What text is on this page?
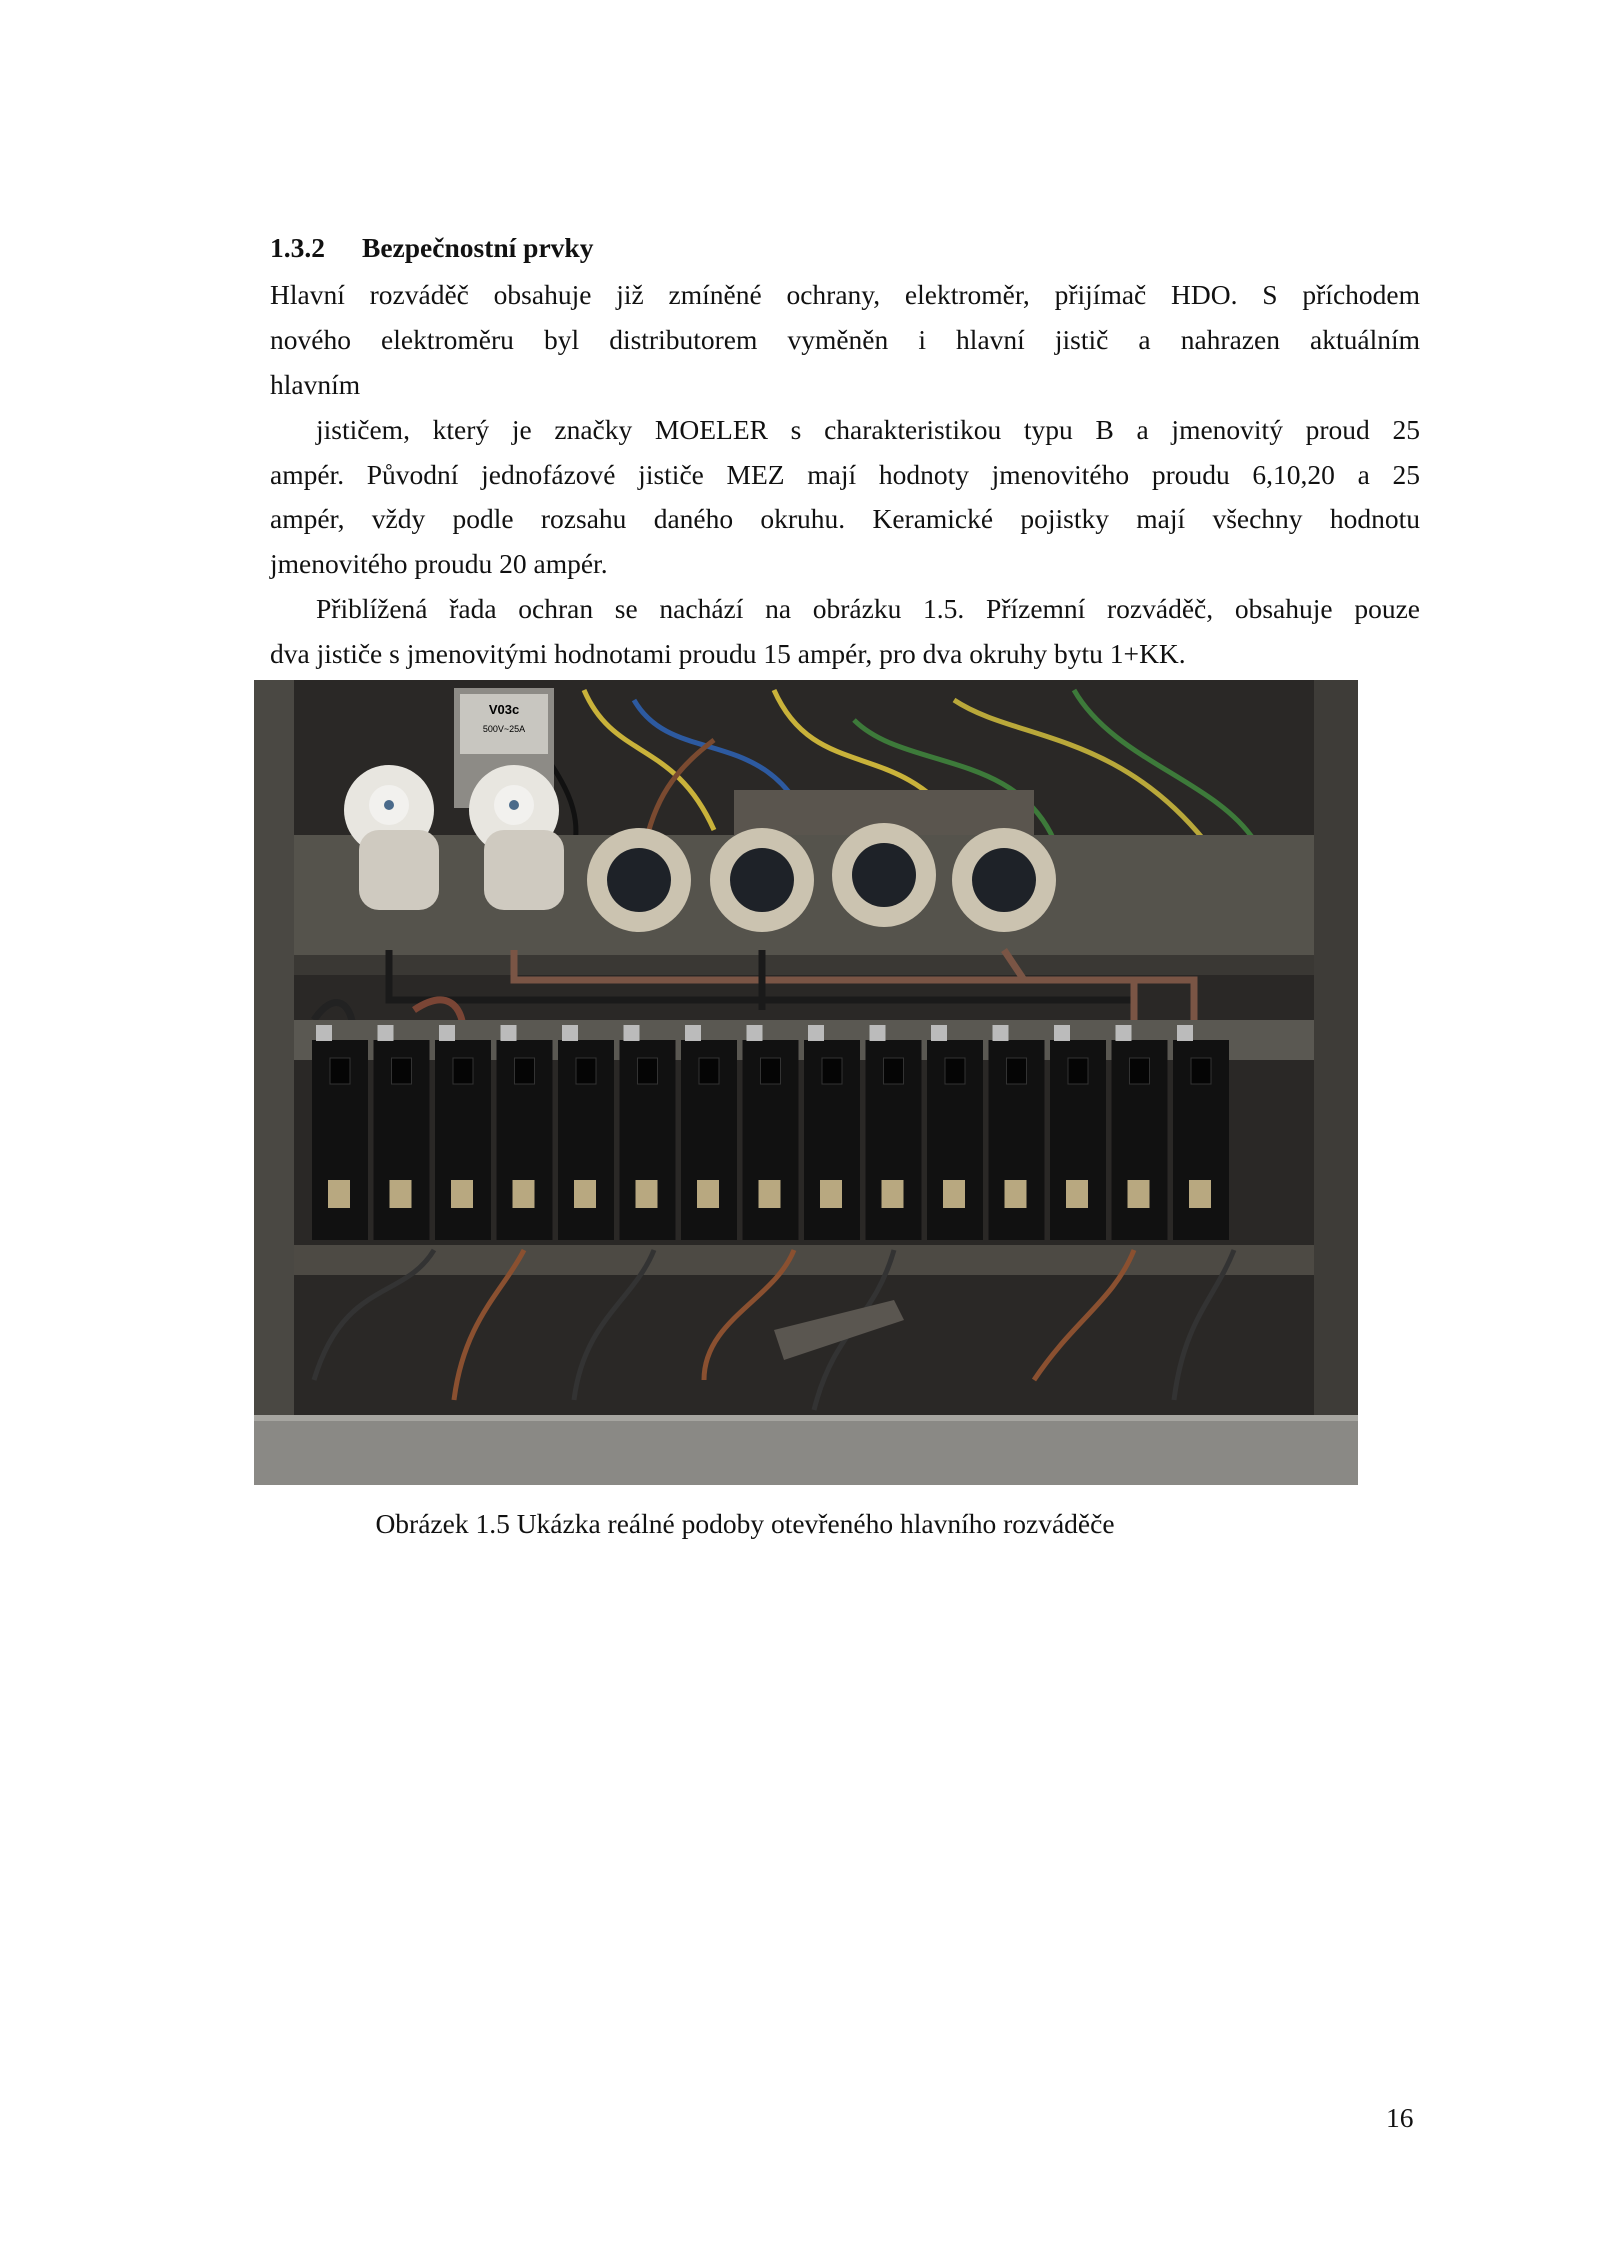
1.3.2 Bezpečnostní prvky
Hlavní rozváděč obsahuje již zmíněné ochrany, elektroměr, přijímač HDO. S příchodem
nového elektroměru byl distributorem vyměněn i hlavní jistič a nahrazen aktuálním
hlavním
jističem, který je značky MOELER s charakteristikou typu B a jmenovitý proud 25
ampér. Původní jednofázové jističe MEZ mají hodnoty jmenovitého proudu 6,10,20 a 25
ampér, vždy podle rozsahu daného okruhu. Keramické pojistky mají všechny hodnotu
jmenovitého proudu 20 ampér.
Přiblížená řada ochran se nachází na obrázku 1.5. Přízemní rozváděč, obsahuje pouze
dva jističe s jmenovitými hodnotami proudu 15 ampér, pro dva okruhy bytu 1+KK.
V03c
500V~25A
Obrázek 1.5 Ukázka reálné podoby otevřeného hlavního rozváděče
16
